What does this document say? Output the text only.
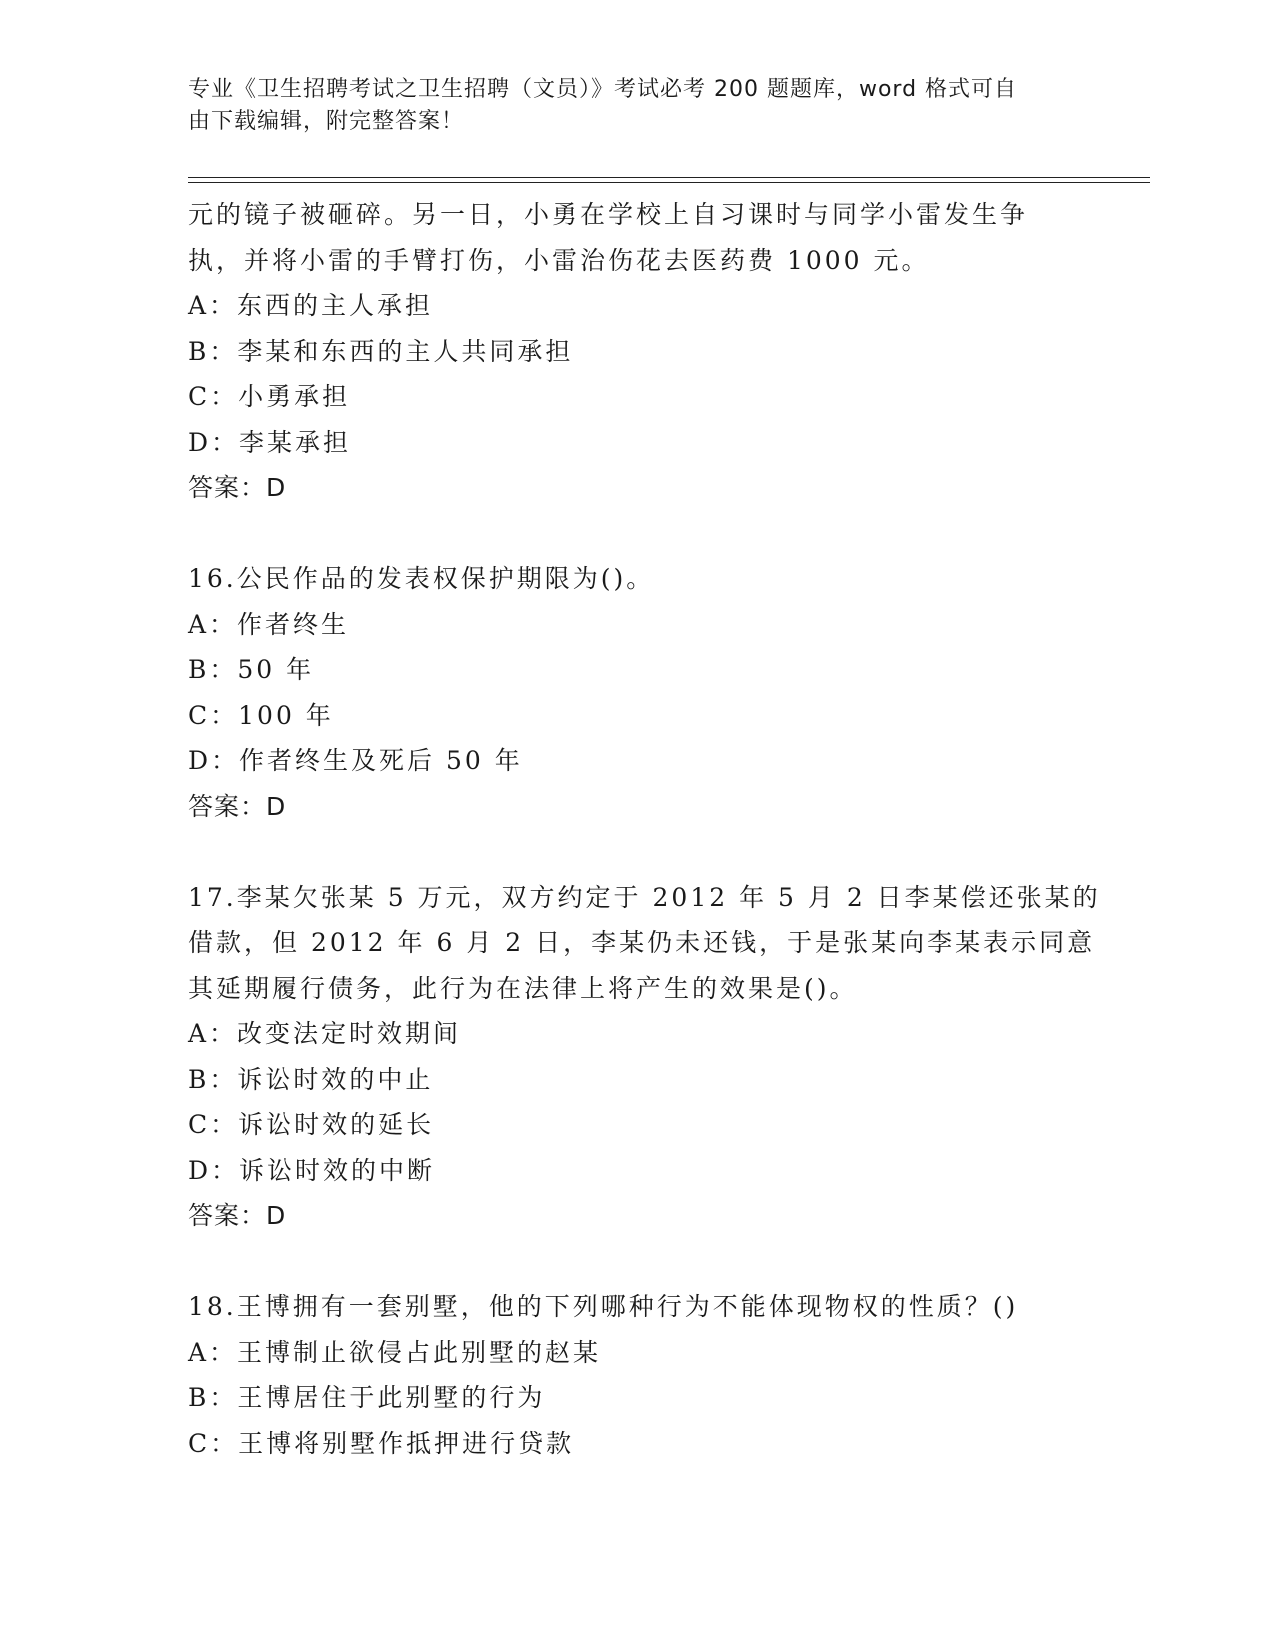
专业《卫生招聘考试之卫生招聘（文员）》考试必考 200 题题库，word 格式可自
由下载编辑，附完整答案！
元的镜子被砸碎。另一日，小勇在学校上自习课时与同学小雷发生争
执，并将小雷的手臂打伤，小雷治伤花去医药费 1000 元。
A：东西的主人承担
B：李某和东西的主人共同承担
C：小勇承担
D：李某承担
答案：D
16.公民作品的发表权保护期限为()。
A：作者终生
B：50 年
C：100 年
D：作者终生及死后 50 年
答案：D
17.李某欠张某 5 万元，双方约定于 2012 年 5 月 2 日李某偿还张某的
借款，但 2012 年 6 月 2 日，李某仍未还钱，于是张某向李某表示同意
其延期履行债务，此行为在法律上将产生的效果是()。
A：改变法定时效期间
B：诉讼时效的中止
C：诉讼时效的延长
D：诉讼时效的中断
答案：D
18.王博拥有一套别墅，他的下列哪种行为不能体现物权的性质？()
A：王博制止欲侵占此别墅的赵某
B：王博居住于此别墅的行为
C：王博将别墅作抵押进行贷款
